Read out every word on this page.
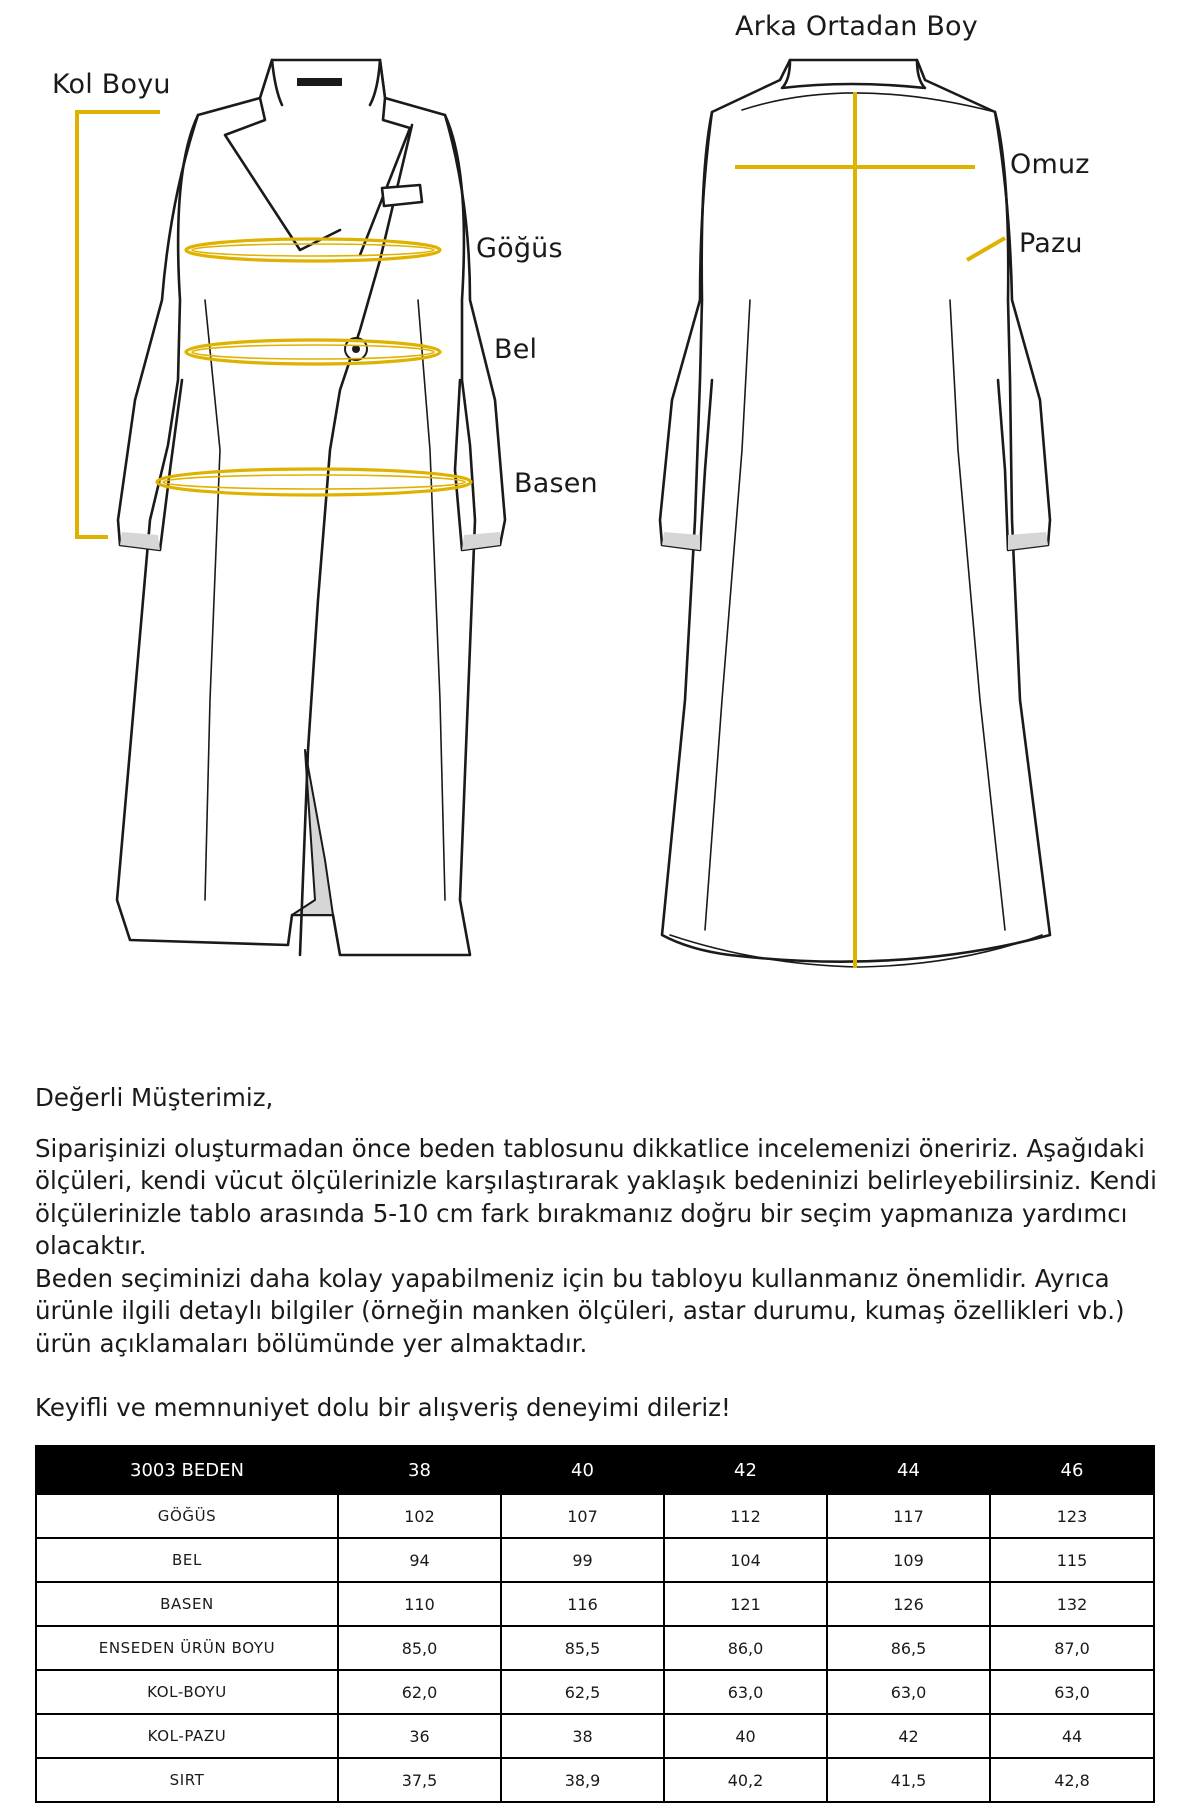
Kol Boyu
Göğüs
Bel
Basen
Arka Ortadan Boy
Omuz
Pazu

Değerli Müşterimiz,

Siparişinizi oluşturmadan önce beden tablosunu dikkatlice incelemenizi öneririz. Aşağıdaki ölçüleri, kendi vücut ölçülerinizle karşılaştırarak yaklaşık bedeninizi belirleyebilirsiniz. Kendi ölçülerinizle tablo arasında 5-10 cm fark bırakmanız doğru bir seçim yapmanıza yardımcı olacaktır.

Beden seçiminizi daha kolay yapabilmeniz için bu tabloyu kullanmanız önemlidir. Ayrıca ürünle ilgili detaylı bilgiler (örneğin manken ölçüleri, astar durumu, kumaş özellikleri vb.) ürün açıklamaları bölümünde yer almaktadır.

Keyifli ve memnuniyet dolu bir alışveriş deneyimi dileriz!

3003 BEDEN	38	40	42	44	46
GÖĞÜS	102	107	112	117	123
BEL	94	99	104	109	115
BASEN	110	116	121	126	132
ENSEDEN ÜRÜN BOYU	85,0	85,5	86,0	86,5	87,0
KOL-BOYU	62,0	62,5	63,0	63,0	63,0
KOL-PAZU	36	38	40	42	44
SIRT	37,5	38,9	40,2	41,5	42,8
